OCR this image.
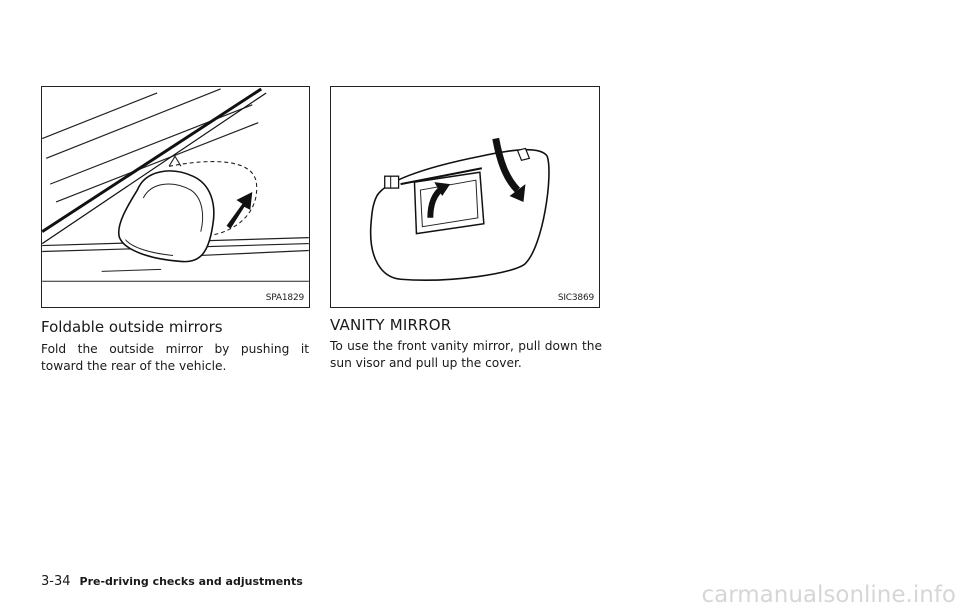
SPA1829	SIC3869
Foldable outside mirrors

Fold the outside mirror by pushing it toward the rear of the vehicle.

VANITY MIRROR

To use the front vanity mirror, pull down the sun visor and pull up the cover.

3-34 Pre-driving checks and adjustments
carmanualsonline.info
